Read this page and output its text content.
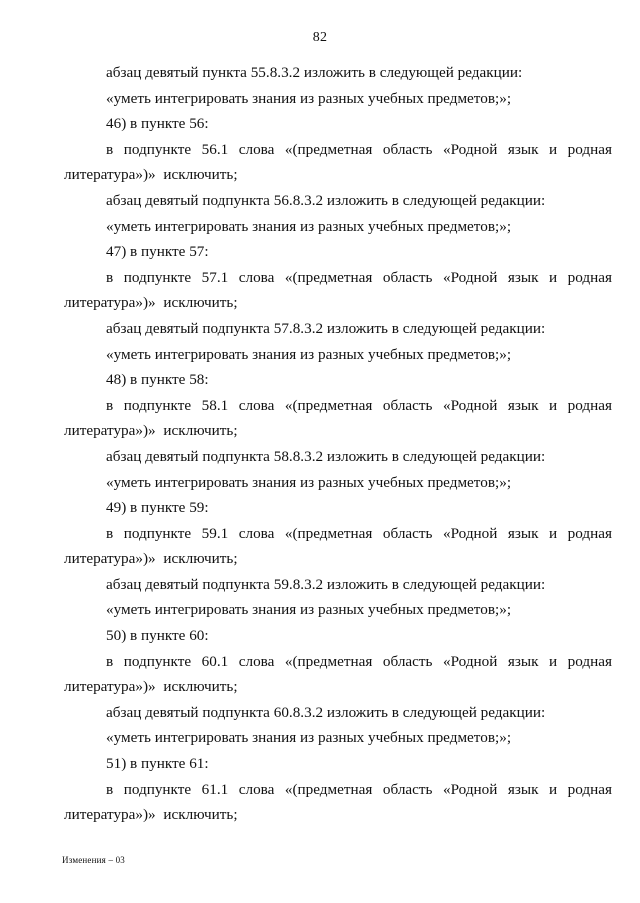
82

абзац девятый пункта 55.8.3.2 изложить в следующей редакции:

«уметь интегрировать знания из разных учебных предметов;»;

46) в пункте 56:

в подпункте 56.1 слова «(предметная область «Родной язык и родная литература»)» исключить;

абзац девятый подпункта 56.8.3.2 изложить в следующей редакции:

«уметь интегрировать знания из разных учебных предметов;»;

47) в пункте 57:

в подпункте 57.1 слова «(предметная область «Родной язык и родная литература»)» исключить;

абзац девятый подпункта 57.8.3.2 изложить в следующей редакции:

«уметь интегрировать знания из разных учебных предметов;»;

48) в пункте 58:

в подпункте 58.1 слова «(предметная область «Родной язык и родная литература»)» исключить;

абзац девятый подпункта 58.8.3.2 изложить в следующей редакции:

«уметь интегрировать знания из разных учебных предметов;»;

49) в пункте 59:

в подпункте 59.1 слова «(предметная область «Родной язык и родная литература»)» исключить;

абзац девятый подпункта 59.8.3.2 изложить в следующей редакции:

«уметь интегрировать знания из разных учебных предметов;»;

50) в пункте 60:

в подпункте 60.1 слова «(предметная область «Родной язык и родная литература»)» исключить;

абзац девятый подпункта 60.8.3.2 изложить в следующей редакции:

«уметь интегрировать знания из разных учебных предметов;»;

51) в пункте 61:

в подпункте 61.1 слова «(предметная область «Родной язык и родная литература»)» исключить;

Изменения – 03
